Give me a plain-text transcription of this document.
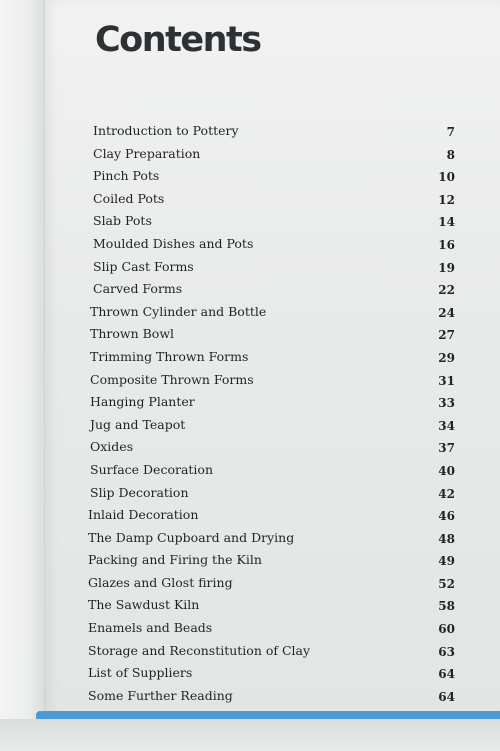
Contents
Introduction to Pottery	7
Clay Preparation	8
Pinch Pots	10
Coiled Pots	12
Slab Pots	14
Moulded Dishes and Pots	16
Slip Cast Forms	19
Carved Forms	22
Thrown Cylinder and Bottle	24
Thrown Bowl	27
Trimming Thrown Forms	29
Composite Thrown Forms	31
Hanging Planter	33
Jug and Teapot	34
Oxides	37
Surface Decoration	40
Slip Decoration	42
Inlaid Decoration	46
The Damp Cupboard and Drying	48
Packing and Firing the Kiln	49
Glazes and Glost firing	52
The Sawdust Kiln	58
Enamels and Beads	60
Storage and Reconstitution of Clay	63
List of Suppliers	64
Some Further Reading	64
